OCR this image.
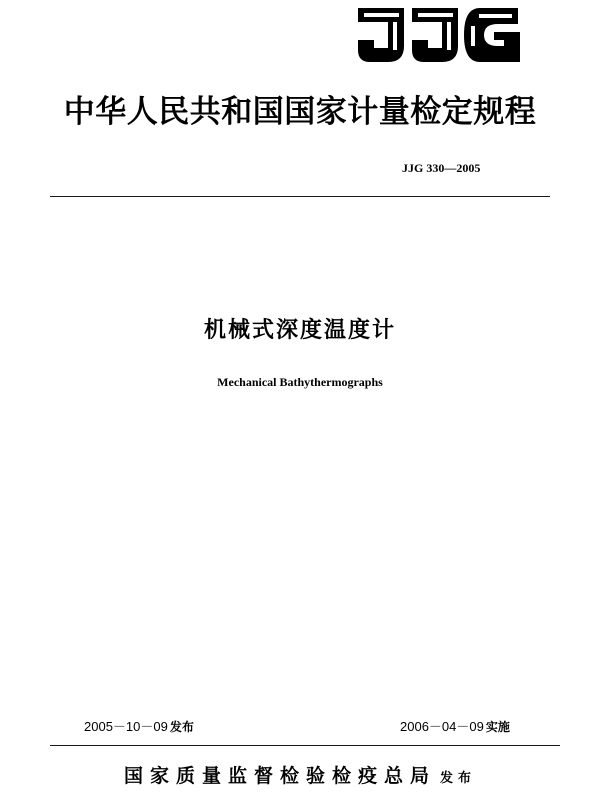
中华人民共和国国家计量检定规程
JJG 330—2005
机械式深度温度计
Mechanical Bathythermographs
2005－10－09 发布	2006－04－09 实施
国家质量监督检验检疫总局 发布
